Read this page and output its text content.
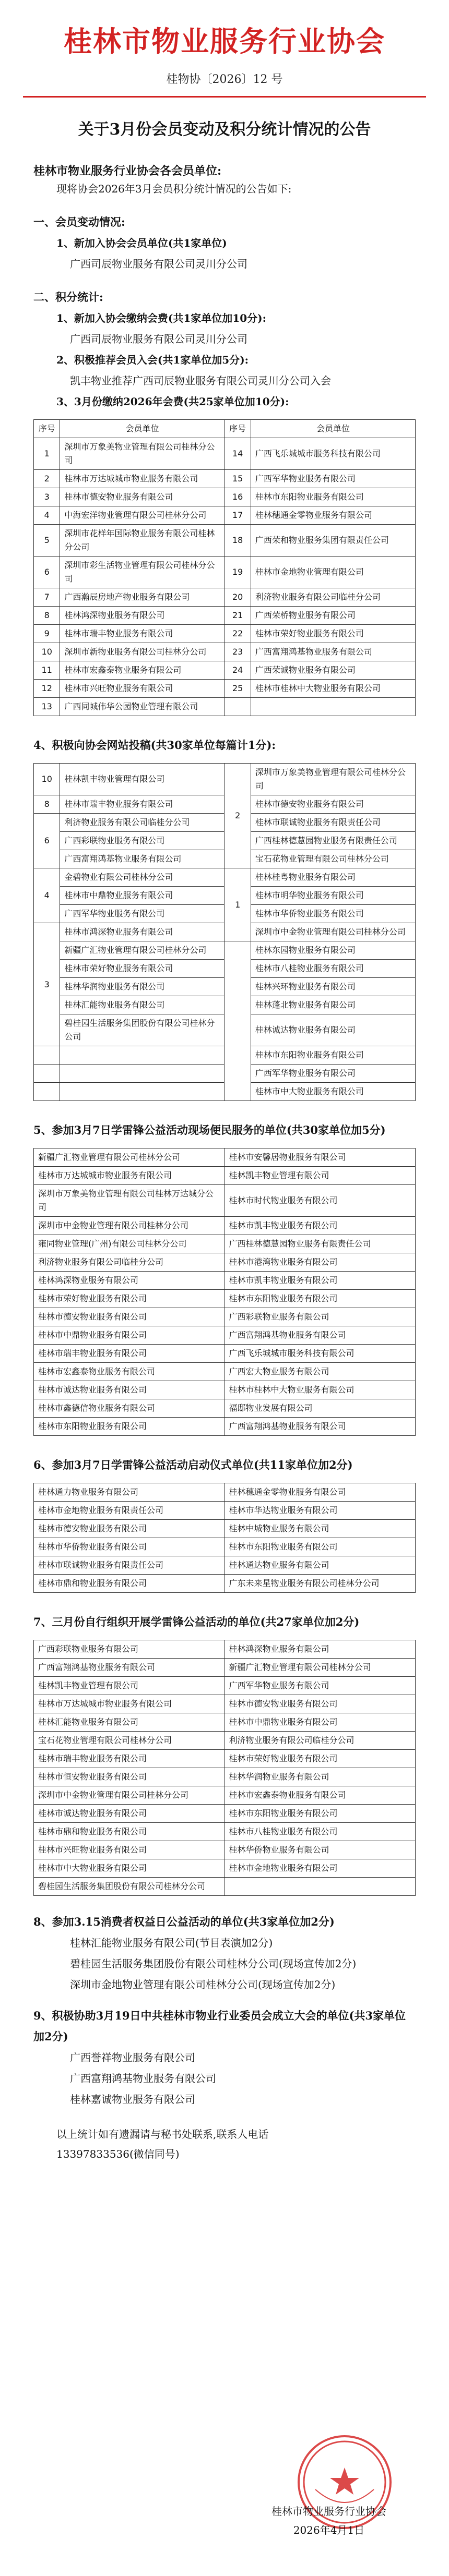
桂林市物业服务行业协会
桂物协〔2026〕12 号
关于3月份会员变动及积分统计情况的公告
桂林市物业服务行业协会各会员单位:
现将协会2026年3月会员积分统计情况的公告如下:
一、会员变动情况:
1、新加入协会会员单位(共1家单位)
广西司辰物业服务有限公司灵川分公司
二、积分统计:
1、新加入协会缴纳会费(共1家单位加10分):
广西司辰物业服务有限公司灵川分公司
2、积极推荐会员入会(共1家单位加5分):
凯丰物业推荐广西司辰物业服务有限公司灵川分公司入会
3、3月份缴纳2026年会费(共25家单位加10分):
序号	会员单位	序号	会员单位
1	深圳市万象美物业管理有限公司桂林分公司	14	广西飞乐城城市服务科技有限公司
2	桂林市万达城城市物业服务有限公司	15	广西军华物业服务有限公司
3	桂林市德安物业服务有限公司	16	桂林市东阳物业服务有限公司
4	中海宏洋物业管理有限公司桂林分公司	17	桂林穗通金零物业服务有限公司
5	深圳市花样年国际物业服务有限公司桂林分公司	18	广西荣和物业服务集团有限责任公司
6	深圳市彩生活物业管理有限公司桂林分公司	19	桂林市金地物业管理有限公司
7	广西瀚辰房地产物业服务有限公司	20	利济物业服务有限公司临桂分公司
8	桂林鸿深物业服务有限公司	21	广西荣桥物业服务有限公司
9	桂林市瑞丰物业服务有限公司	22	桂林市荣好物业服务有限公司
10	深圳市新物业服务有限公司桂林分公司	23	广西富翔鸿基物业服务有限公司
11	桂林市宏鑫泰物业服务有限公司	24	广西荣诚物业服务有限公司
12	桂林市兴旺物业服务有限公司	25	桂林市桂林中大物业服务有限公司
13	广西同城伟华公园物业管理有限公司		
4、积极向协会网站投稿(共30家单位每篇计1分):
10	桂林凯丰物业管理有限公司	2	深圳市万象美物业管理有限公司桂林分公司
8	桂林市瑞丰物业服务有限公司		桂林市德安物业服务有限公司
6	利济物业服务有限公司临桂分公司		桂林市联诚物业服务有限责任公司
	广西彩联物业服务有限公司		广西桂林德慧园物业服务有限责任公司
	广西富翔鸿基物业服务有限公司		宝石花物业管理有限公司桂林分公司
4	金碧物业有限公司桂林分公司	1	桂林桂粤物业服务有限公司
	桂林市中鼎物业服务有限公司		桂林市明华物业服务有限公司
	广西军华物业服务有限公司		桂林市华侨物业服务有限公司
3	桂林市鸿深物业服务有限公司		深圳市中金物业管理有限公司桂林分公司
	新疆广汇物业管理有限公司桂林分公司		桂林东园物业服务有限公司
	桂林市荣好物业服务有限公司		桂林市八桂物业服务有限公司
	桂林华润物业服务有限公司		桂林兴环物业服务有限公司
	桂林汇能物业服务有限公司		桂林蓬北物业服务有限公司
	碧桂园生活服务集团股份有限公司桂林分公司		桂林诚达物业服务有限公司
			桂林市东阳物业服务有限公司
			广西军华物业服务有限公司
			桂林市中大物业服务有限公司
5、参加3月7日学雷锋公益活动现场便民服务的单位(共30家单位加5分)
新疆广汇物业管理有限公司桂林分公司	桂林市安馨居物业服务有限公司
桂林市万达城城市物业服务有限公司	桂林凯丰物业管理有限公司
深圳市万象美物业管理有限公司桂林万达城分公司	桂林市时代物业服务有限公司
深圳市中金物业管理有限公司桂林分公司	桂林市凯丰物业服务有限公司
雍同物业管理(广州)有限公司桂林分公司	广西桂林德慧园物业服务有限责任公司
利济物业服务有限公司临桂分公司	桂林市港湾物业服务有限公司
桂林鸿深物业服务有限公司	桂林市凯丰物业服务有限公司
桂林市荣好物业服务有限公司	桂林市东阳物业服务有限公司
桂林市德安物业服务有限公司	广西彩联物业服务有限公司
桂林市中鼎物业服务有限公司	广西富翔鸿基物业服务有限公司
桂林市瑞丰物业服务有限公司	广西飞乐城城市服务科技有限公司
桂林市宏鑫泰物业服务有限公司	广西宏大物业服务有限公司
桂林市诚达物业服务有限公司	桂林市桂林中大物业服务有限公司
桂林市鑫德信物业服务有限公司	福邸物业发展有限公司
桂林市东阳物业服务有限公司	广西富翔鸿基物业服务有限公司
6、参加3月7日学雷锋公益活动启动仪式单位(共11家单位加2分)
桂林通力物业服务有限公司	桂林穗通金零物业服务有限公司
桂林市金地物业服务有限责任公司	桂林市华达物业服务有限公司
桂林市德安物业服务有限公司	桂林中城物业服务有限公司
桂林市华侨物业服务有限公司	桂林市东阳物业服务有限公司
桂林市联诚物业服务有限责任公司	桂林通达物业服务有限公司
桂林市鼎和物业服务有限公司	广东未来星物业服务有限公司桂林分公司
7、三月份自行组织开展学雷锋公益活动的单位(共27家单位加2分)
广西彩联物业服务有限公司	桂林鸿深物业服务有限公司
广西富翔鸿基物业服务有限公司	新疆广汇物业管理有限公司桂林分公司
桂林凯丰物业管理有限公司	广西军华物业服务有限公司
桂林市万达城城市物业服务有限公司	桂林市德安物业服务有限公司
桂林汇能物业服务有限公司	桂林市中鼎物业服务有限公司
宝石花物业管理有限公司桂林分公司	利济物业服务有限公司临桂分公司
桂林市瑞丰物业服务有限公司	桂林市荣好物业服务有限公司
桂林市恒安物业服务有限公司	桂林华润物业服务有限公司
深圳市中金物业管理有限公司桂林分公司	桂林市宏鑫泰物业服务有限公司
桂林市诚达物业服务有限公司	桂林市东阳物业服务有限公司
桂林市鼎和物业服务有限公司	桂林市八桂物业服务有限公司
桂林市兴旺物业服务有限公司	桂林华侨物业服务有限公司
桂林市中大物业服务有限公司	桂林市金地物业服务有限公司
碧桂园生活服务集团股份有限公司桂林分公司	
8、参加3.15消费者权益日公益活动的单位(共3家单位加2分)
桂林汇能物业服务有限公司(节目表演加2分)
碧桂园生活服务集团股份有限公司桂林分公司(现场宣传加2分)
深圳市金地物业管理有限公司桂林分公司(现场宣传加2分)
9、积极协助3月19日中共桂林市物业行业委员会成立大会的单位(共3家单位加2分)
广西誉祥物业服务有限公司
广西富翔鸿基物业服务有限公司
桂林嘉诚物业服务有限公司
以上统计如有遗漏请与秘书处联系,联系人电话
13397833536(微信同号)
桂林市物业服务行业协会
2026年4月1日
